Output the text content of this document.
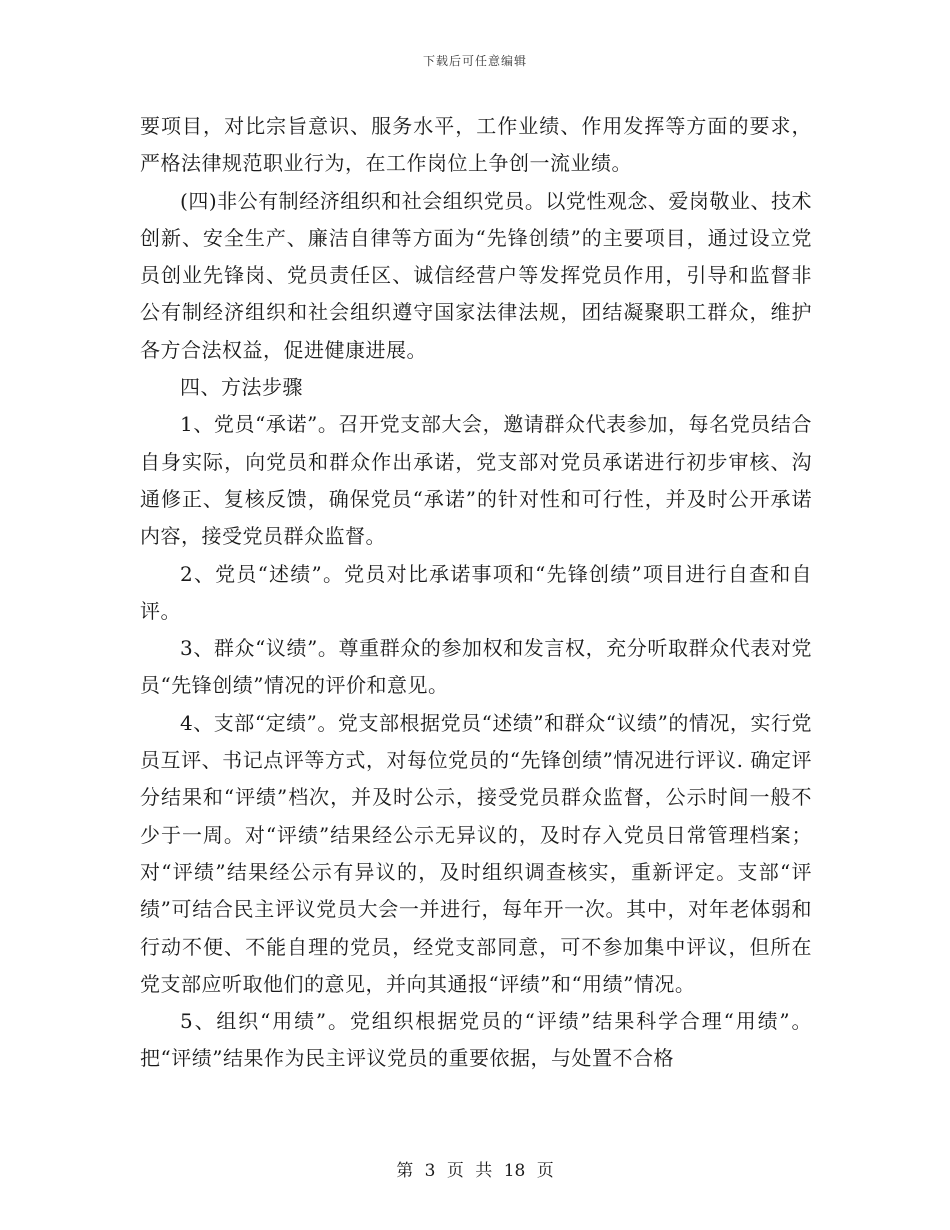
下载后可任意编辑

要项目，对比宗旨意识、服务水平，工作业绩、作用发挥等方面的要求，严格法律规范职业行为，在工作岗位上争创一流业绩。

(四)非公有制经济组织和社会组织党员。以党性观念、爱岗敬业、技术创新、安全生产、廉洁自律等方面为“先锋创绩”的主要项目，通过设立党员创业先锋岗、党员责任区、诚信经营户等发挥党员作用，引导和监督非公有制经济组织和社会组织遵守国家法律法规，团结凝聚职工群众，维护各方合法权益，促进健康进展。

四、方法步骤

1、党员“承诺”。召开党支部大会，邀请群众代表参加，每名党员结合自身实际，向党员和群众作出承诺，党支部对党员承诺进行初步审核、沟通修正、复核反馈，确保党员“承诺”的针对性和可行性，并及时公开承诺内容，接受党员群众监督。

2、党员“述绩”。党员对比承诺事项和“先锋创绩”项目进行自查和自评。

3、群众“议绩”。尊重群众的参加权和发言权，充分听取群众代表对党员“先锋创绩”情况的评价和意见。

4、支部“定绩”。党支部根据党员“述绩”和群众“议绩”的情况，实行党员互评、书记点评等方式，对每位党员的“先锋创绩”情况进行评议. 确定评分结果和“评绩”档次，并及时公示，接受党员群众监督，公示时间一般不少于一周。对“评绩”结果经公示无异议的，及时存入党员日常管理档案；对“评绩”结果经公示有异议的，及时组织调查核实，重新评定。支部“评绩”可结合民主评议党员大会一并进行，每年开一次。其中，对年老体弱和行动不便、不能自理的党员，经党支部同意，可不参加集中评议，但所在党支部应听取他们的意见，并向其通报“评绩”和“用绩”情况。

5、组织“用绩”。党组织根据党员的“评绩”结果科学合理“用绩”。把“评绩”结果作为民主评议党员的重要依据，与处置不合格

第 3 页 共 18 页
